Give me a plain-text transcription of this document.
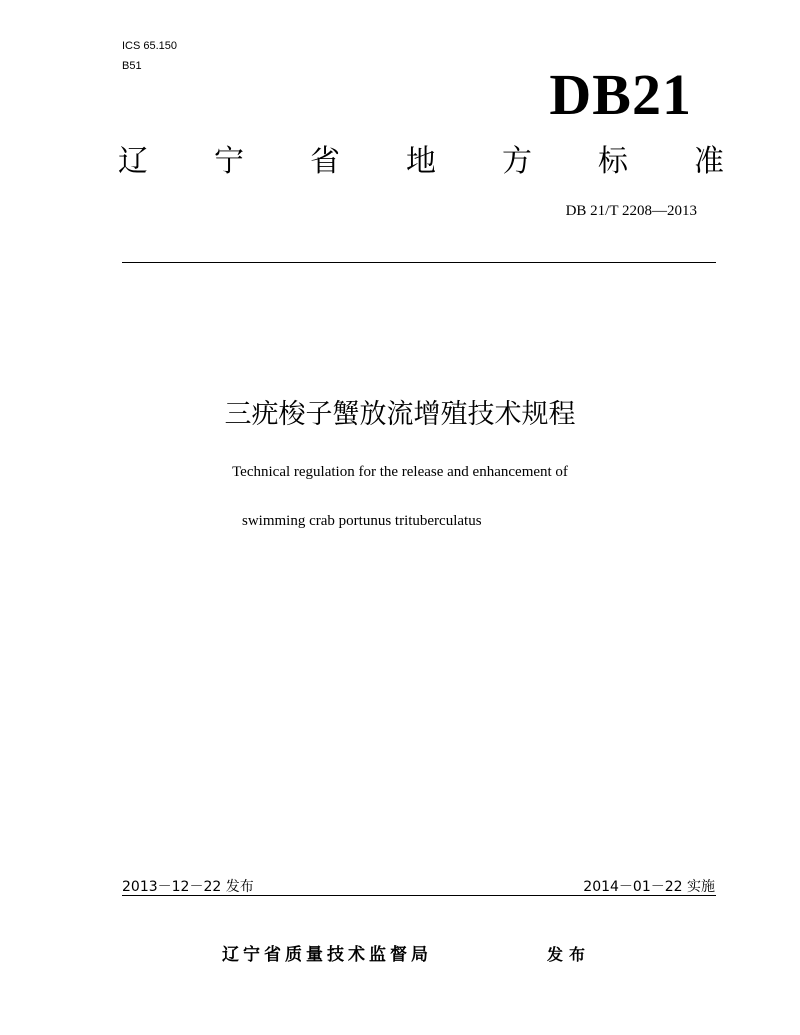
ICS 65.150
B51	DB21
辽 宁 省 地 方 标 准
DB 21/T 2208—2013
三疣梭子蟹放流增殖技术规程
Technical regulation for the release and enhancement of
swimming crab portunus trituberculatus
2013－12－22 发布	2014－01－22 实施
辽宁省质量技术监督局	发布
